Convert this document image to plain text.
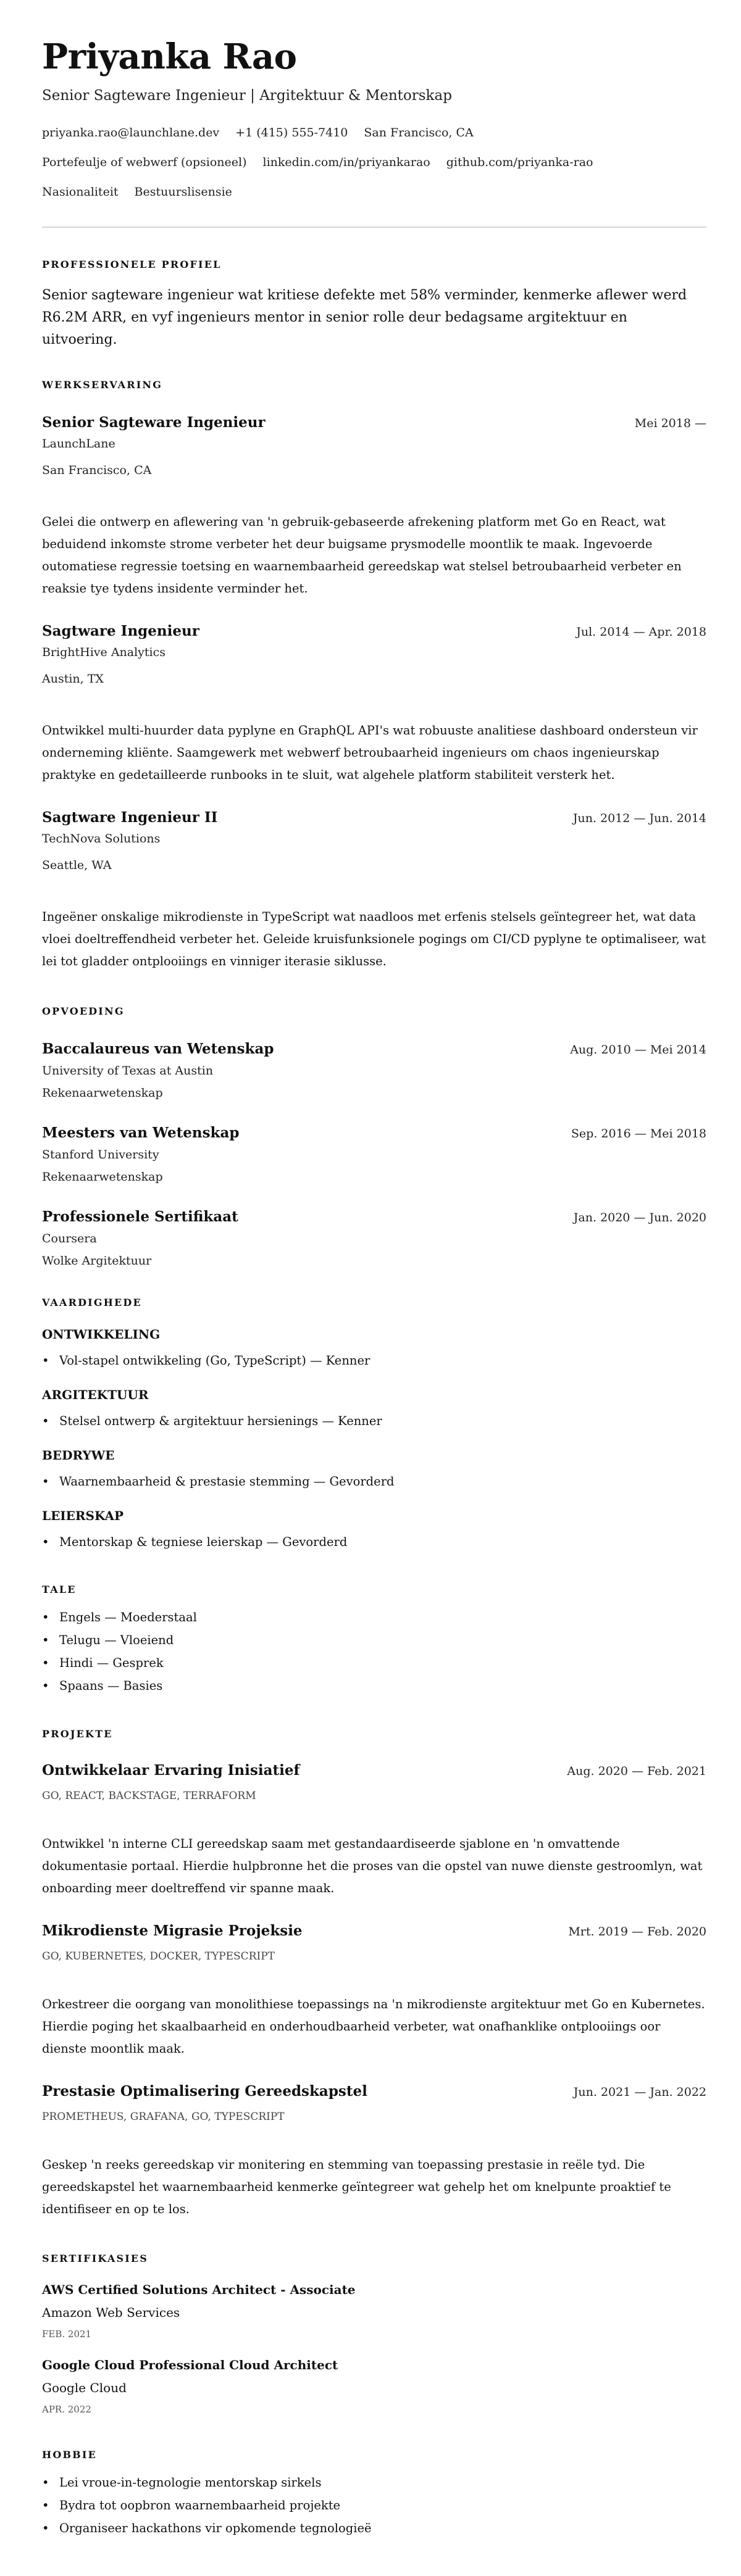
Priyanka Rao
Senior Sagteware Ingenieur | Argitektuur & Mentorskap
priyanka.rao@launchlane.dev +1 (415) 555-7410 San Francisco, CA
Portefeulje of webwerf (opsioneel) linkedin.com/in/priyankarao github.com/priyanka-rao
Nasionaliteit Bestuurslisensie
PROFESSIONELE PROFIEL

Senior sagteware ingenieur wat kritiese defekte met 58% verminder, kenmerke aflewer werd R6.2M ARR, en vyf ingenieurs mentor in senior rolle deur bedagsame argitektuur en uitvoering.

WERKSERVARING
Senior Sagteware Ingenieur	Mei 2018 —
LaunchLane
San Francisco, CA

Gelei die ontwerp en aflewering van 'n gebruik-gebaseerde afrekening platform met Go en React, wat beduidend inkomste strome verbeter het deur buigsame prysmodelle moontlik te maak. Ingevoerde outomatiese regressie toetsing en waarnembaarheid gereedskap wat stelsel betroubaarheid verbeter en reaksie tye tydens insidente verminder het.

Sagtware Ingenieur	Jul. 2014 — Apr. 2018
BrightHive Analytics
Austin, TX

Ontwikkel multi-huurder data pyplyne en GraphQL API's wat robuuste analitiese dashboard ondersteun vir onderneming kliënte. Saamgewerk met webwerf betroubaarheid ingenieurs om chaos ingenieurskap praktyke en gedetailleerde runbooks in te sluit, wat algehele platform stabiliteit versterk het.

Sagtware Ingenieur II	Jun. 2012 — Jun. 2014
TechNova Solutions
Seattle, WA

Ingeëner onskalige mikrodienste in TypeScript wat naadloos met erfenis stelsels geïntegreer het, wat data vloei doeltreffendheid verbeter het. Geleide kruisfunksionele pogings om CI/CD pyplyne te optimaliseer, wat lei tot gladder ontplooiings en vinniger iterasie siklusse.

OPVOEDING
Baccalaureus van Wetenskap	Aug. 2010 — Mei 2014
University of Texas at Austin
Rekenaarwetenskap
Meesters van Wetenskap	Sep. 2016 — Mei 2018
Stanford University
Rekenaarwetenskap
Professionele Sertifikaat	Jan. 2020 — Jun. 2020
Coursera
Wolke Argitektuur
VAARDIGHEDE
ONTWIKKELING
• Vol-stapel ontwikkeling (Go, TypeScript) — Kenner
ARGITEKTUUR
• Stelsel ontwerp & argitektuur hersienings — Kenner
BEDRYWE
• Waarnembaarheid & prestasie stemming — Gevorderd
LEIERSKAP
• Mentorskap & tegniese leierskap — Gevorderd
TALE
• Engels — Moederstaal
• Telugu — Vloeiend
• Hindi — Gesprek
• Spaans — Basies
PROJEKTE
Ontwikkelaar Ervaring Inisiatief	Aug. 2020 — Feb. 2021
GO, REACT, BACKSTAGE, TERRAFORM

Ontwikkel 'n interne CLI gereedskap saam met gestandaardiseerde sjablone en 'n omvattende dokumentasie portaal. Hierdie hulpbronne het die proses van die opstel van nuwe dienste gestroomlyn, wat onboarding meer doeltreffend vir spanne maak.

Mikrodienste Migrasie Projeksie	Mrt. 2019 — Feb. 2020
GO, KUBERNETES, DOCKER, TYPESCRIPT

Orkestreer die oorgang van monolithiese toepassings na 'n mikrodienste argitektuur met Go en Kubernetes. Hierdie poging het skaalbaarheid en onderhoudbaarheid verbeter, wat onafhanklike ontplooiings oor dienste moontlik maak.

Prestasie Optimalisering Gereedskapstel	Jun. 2021 — Jan. 2022
PROMETHEUS, GRAFANA, GO, TYPESCRIPT

Geskep 'n reeks gereedskap vir monitering en stemming van toepassing prestasie in reële tyd. Die gereedskapstel het waarnembaarheid kenmerke geïntegreer wat gehelp het om knelpunte proaktief te identifiseer en op te los.

SERTIFIKASIES
AWS Certified Solutions Architect - Associate
Amazon Web Services
FEB. 2021
Google Cloud Professional Cloud Architect
Google Cloud
APR. 2022
HOBBIE
• Lei vroue-in-tegnologie mentorskap sirkels
• Bydra tot oopbron waarnembaarheid projekte
• Organiseer hackathons vir opkomende tegnologieë
